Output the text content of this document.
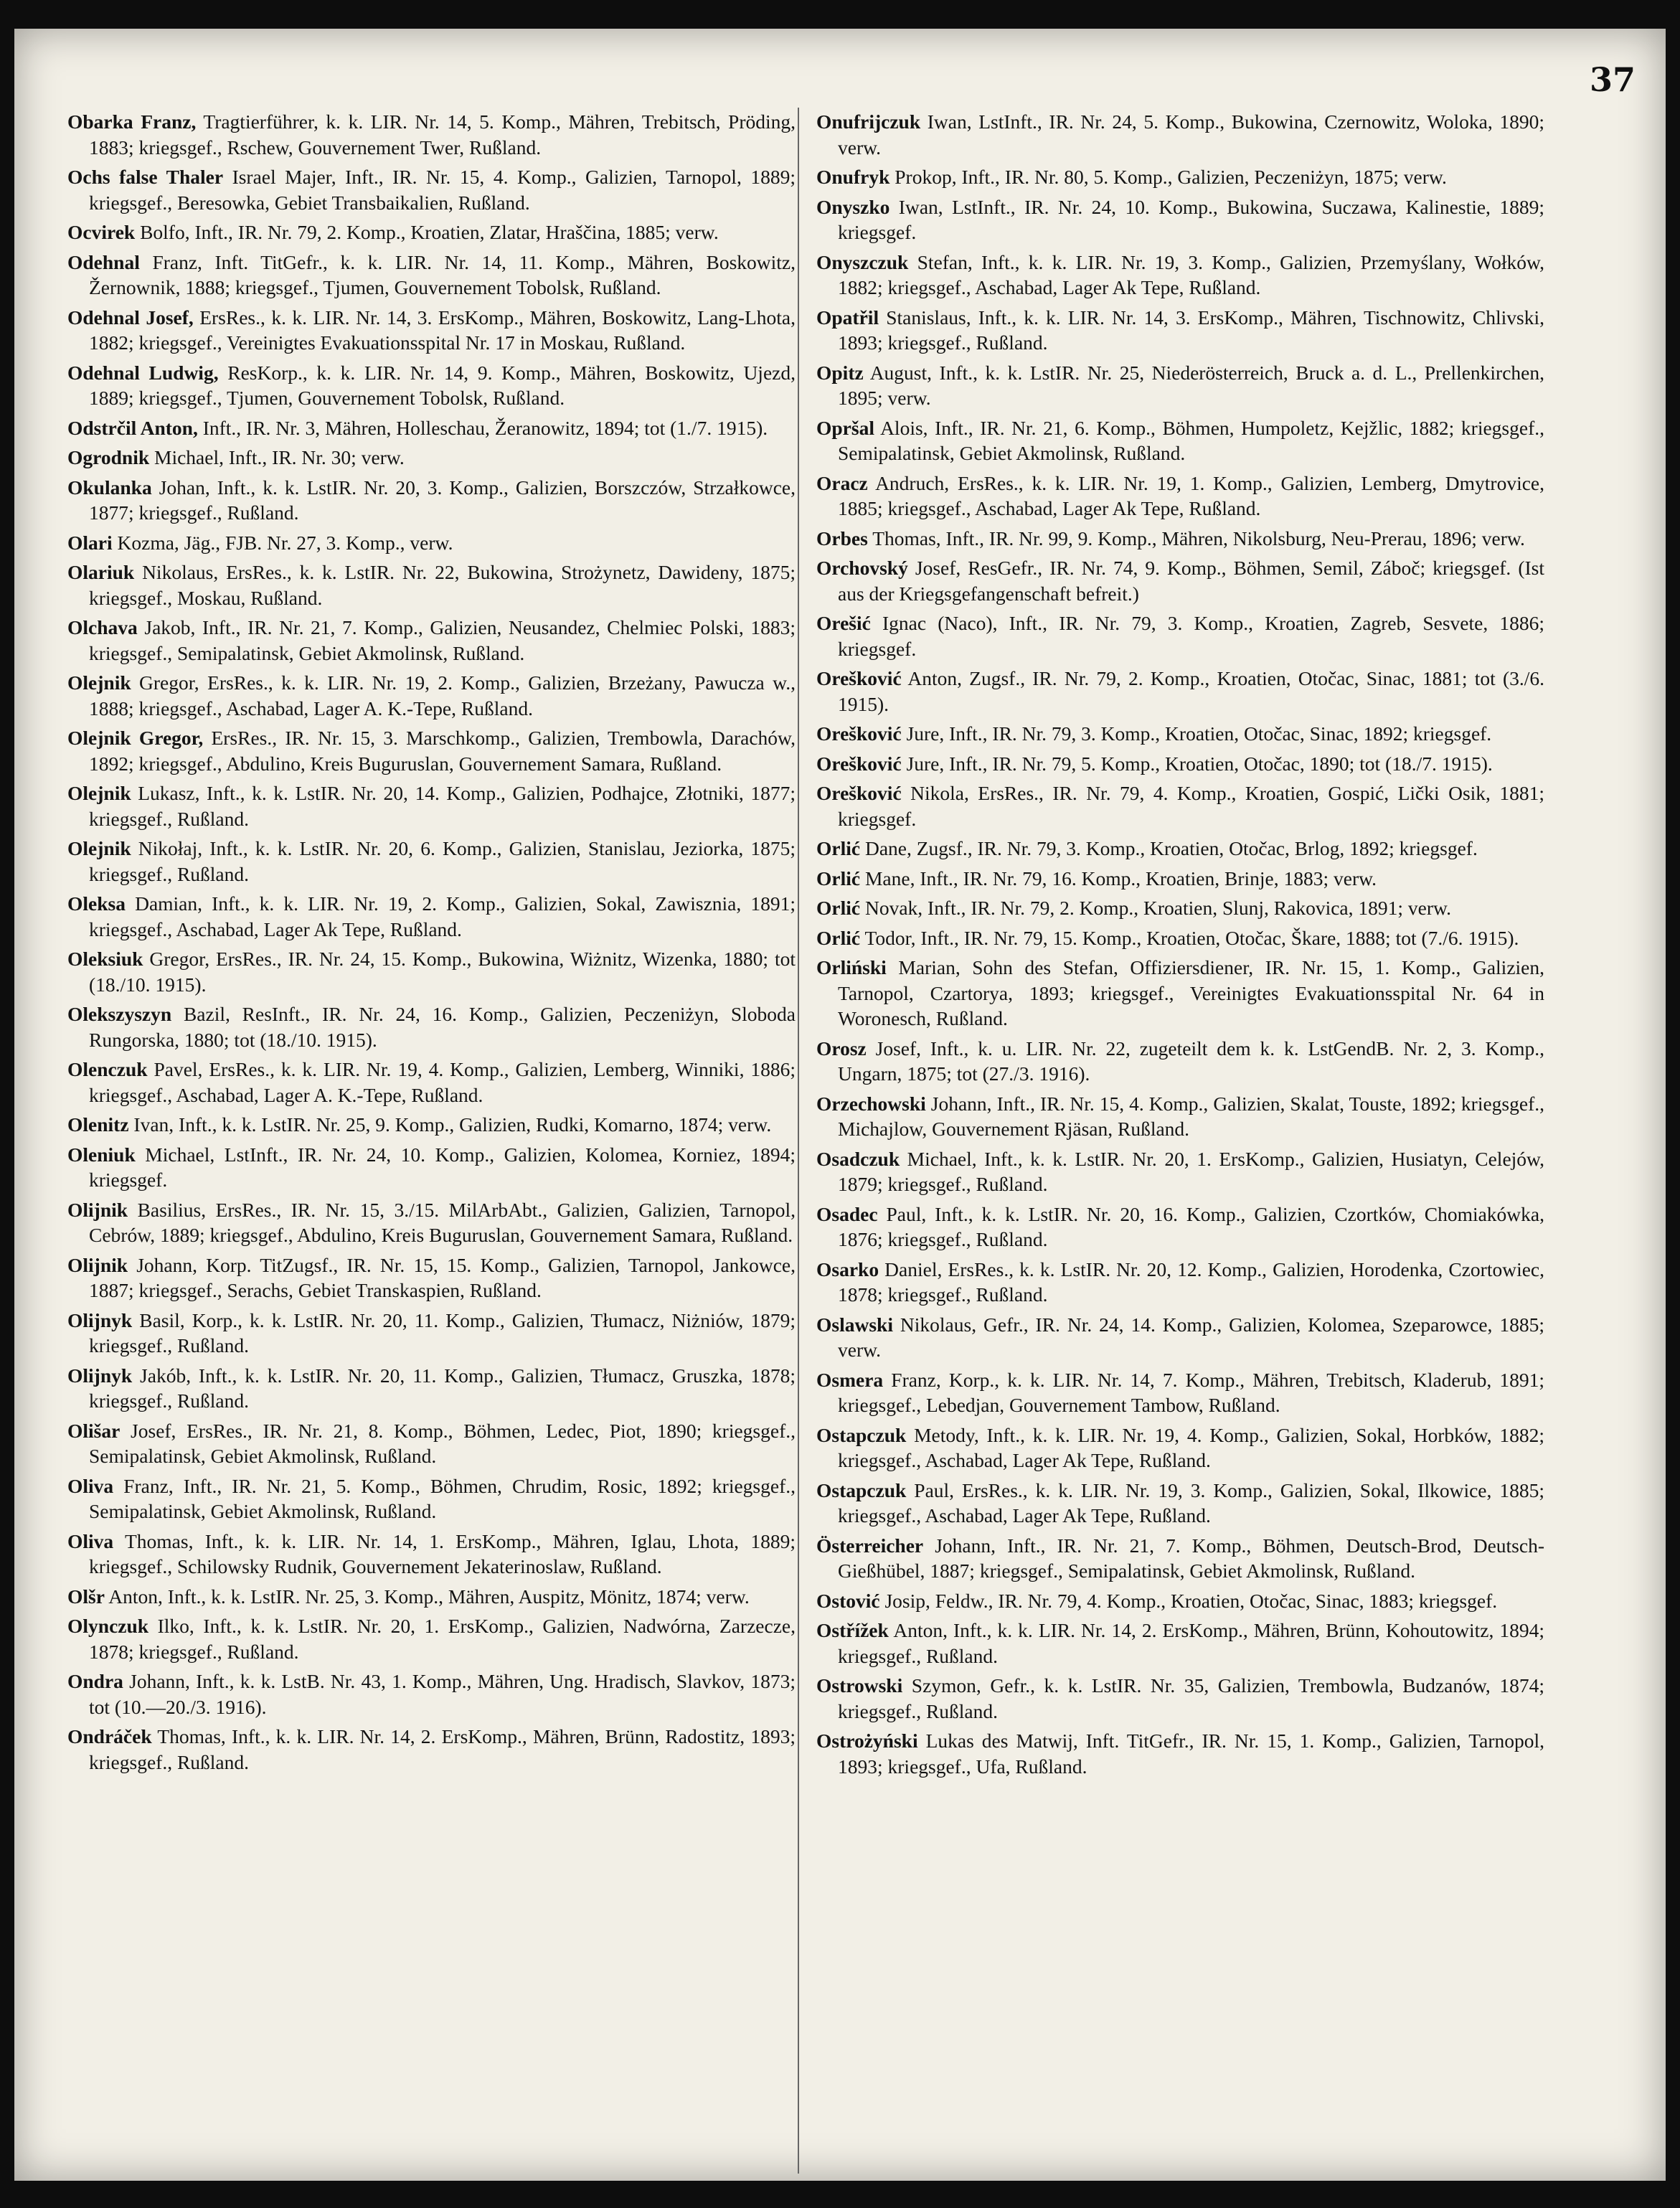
37

Obarka Franz, Tragtierführer, k. k. LIR. Nr. 14, 5. Komp., Mähren, Trebitsch, Pröding, 1883; kriegsgef., Rschew, Gouvernement Twer, Rußland.

Ochs false Thaler Israel Majer, Inft., IR. Nr. 15, 4. Komp., Galizien, Tarnopol, 1889; kriegsgef., Beresowka, Gebiet Transbaikalien, Rußland.

Ocvirek Bolfo, Inft., IR. Nr. 79, 2. Komp., Kroatien, Zlatar, Hraščina, 1885; verw.

Odehnal Franz, Inft. TitGefr., k. k. LIR. Nr. 14, 11. Komp., Mähren, Boskowitz, Žernownik, 1888; kriegsgef., Tjumen, Gouvernement Tobolsk, Rußland.

Odehnal Josef, ErsRes., k. k. LIR. Nr. 14, 3. ErsKomp., Mähren, Boskowitz, Lang-Lhota, 1882; kriegsgef., Vereinigtes Evakuationsspital Nr. 17 in Moskau, Rußland.

Odehnal Ludwig, ResKorp., k. k. LIR. Nr. 14, 9. Komp., Mähren, Boskowitz, Ujezd, 1889; kriegsgef., Tjumen, Gouvernement Tobolsk, Rußland.

Odstrčil Anton, Inft., IR. Nr. 3, Mähren, Holleschau, Žeranowitz, 1894; tot (1./7. 1915).

Ogrodnik Michael, Inft., IR. Nr. 30; verw.

Okulanka Johan, Inft., k. k. LstIR. Nr. 20, 3. Komp., Galizien, Borszczów, Strzałkowce, 1877; kriegsgef., Rußland.

Olari Kozma, Jäg., FJB. Nr. 27, 3. Komp., verw.

Olariuk Nikolaus, ErsRes., k. k. LstIR. Nr. 22, Bukowina, Strożynetz, Dawideny, 1875; kriegsgef., Moskau, Rußland.

Olchava Jakob, Inft., IR. Nr. 21, 7. Komp., Galizien, Neusandez, Chelmiec Polski, 1883; kriegsgef., Semipalatinsk, Gebiet Akmolinsk, Rußland.

Olejnik Gregor, ErsRes., k. k. LIR. Nr. 19, 2. Komp., Galizien, Brzeżany, Pawucza w., 1888; kriegsgef., Aschabad, Lager A. K.-Tepe, Rußland.

Olejnik Gregor, ErsRes., IR. Nr. 15, 3. Marschkomp., Galizien, Trembowla, Darachów, 1892; kriegsgef., Abdulino, Kreis Buguruslan, Gouvernement Samara, Rußland.

Olejnik Lukasz, Inft., k. k. LstIR. Nr. 20, 14. Komp., Galizien, Podhajce, Złotniki, 1877; kriegsgef., Rußland.

Olejnik Nikołaj, Inft., k. k. LstIR. Nr. 20, 6. Komp., Galizien, Stanislau, Jeziorka, 1875; kriegsgef., Rußland.

Oleksa Damian, Inft., k. k. LIR. Nr. 19, 2. Komp., Galizien, Sokal, Zawisznia, 1891; kriegsgef., Aschabad, Lager Ak Tepe, Rußland.

Oleksiuk Gregor, ErsRes., IR. Nr. 24, 15. Komp., Bukowina, Wiżnitz, Wizenka, 1880; tot (18./10. 1915).

Olekszyszyn Bazil, ResInft., IR. Nr. 24, 16. Komp., Galizien, Peczeniżyn, Sloboda Rungorska, 1880; tot (18./10. 1915).

Olenczuk Pavel, ErsRes., k. k. LIR. Nr. 19, 4. Komp., Galizien, Lemberg, Winniki, 1886; kriegsgef., Aschabad, Lager A. K.-Tepe, Rußland.

Olenitz Ivan, Inft., k. k. LstIR. Nr. 25, 9. Komp., Galizien, Rudki, Komarno, 1874; verw.

Oleniuk Michael, LstInft., IR. Nr. 24, 10. Komp., Galizien, Kolomea, Korniez, 1894; kriegsgef.

Olijnik Basilius, ErsRes., IR. Nr. 15, 3./15. MilArbAbt., Galizien, Galizien, Tarnopol, Cebrów, 1889; kriegsgef., Abdulino, Kreis Buguruslan, Gouvernement Samara, Rußland.

Olijnik Johann, Korp. TitZugsf., IR. Nr. 15, 15. Komp., Galizien, Tarnopol, Jankowce, 1887; kriegsgef., Serachs, Gebiet Transkaspien, Rußland.

Olijnyk Basil, Korp., k. k. LstIR. Nr. 20, 11. Komp., Galizien, Tłumacz, Niżniów, 1879; kriegsgef., Rußland.

Olijnyk Jakób, Inft., k. k. LstIR. Nr. 20, 11. Komp., Galizien, Tłumacz, Gruszka, 1878; kriegsgef., Rußland.

Olišar Josef, ErsRes., IR. Nr. 21, 8. Komp., Böhmen, Ledec, Piot, 1890; kriegsgef., Semipalatinsk, Gebiet Akmolinsk, Rußland.

Oliva Franz, Inft., IR. Nr. 21, 5. Komp., Böhmen, Chrudim, Rosic, 1892; kriegsgef., Semipalatinsk, Gebiet Akmolinsk, Rußland.

Oliva Thomas, Inft., k. k. LIR. Nr. 14, 1. ErsKomp., Mähren, Iglau, Lhota, 1889; kriegsgef., Schilowsky Rudnik, Gouvernement Jekaterinoslaw, Rußland.

Olšr Anton, Inft., k. k. LstIR. Nr. 25, 3. Komp., Mähren, Auspitz, Mönitz, 1874; verw.

Olynczuk Ilko, Inft., k. k. LstIR. Nr. 20, 1. ErsKomp., Galizien, Nadwórna, Zarzecze, 1878; kriegsgef., Rußland.

Ondra Johann, Inft., k. k. LstB. Nr. 43, 1. Komp., Mähren, Ung. Hradisch, Slavkov, 1873; tot (10.—20./3. 1916).

Ondráček Thomas, Inft., k. k. LIR. Nr. 14, 2. ErsKomp., Mähren, Brünn, Radostitz, 1893; kriegsgef., Rußland.

Onufrijczuk Iwan, LstInft., IR. Nr. 24, 5. Komp., Bukowina, Czernowitz, Woloka, 1890; verw.

Onufryk Prokop, Inft., IR. Nr. 80, 5. Komp., Galizien, Peczeniżyn, 1875; verw.

Onyszko Iwan, LstInft., IR. Nr. 24, 10. Komp., Bukowina, Suczawa, Kalinestie, 1889; kriegsgef.

Onyszczuk Stefan, Inft., k. k. LIR. Nr. 19, 3. Komp., Galizien, Przemyślany, Wołków, 1882; kriegsgef., Aschabad, Lager Ak Tepe, Rußland.

Opatřil Stanislaus, Inft., k. k. LIR. Nr. 14, 3. ErsKomp., Mähren, Tischnowitz, Chlivski, 1893; kriegsgef., Rußland.

Opitz August, Inft., k. k. LstIR. Nr. 25, Niederösterreich, Bruck a. d. L., Prellenkirchen, 1895; verw.

Opršal Alois, Inft., IR. Nr. 21, 6. Komp., Böhmen, Humpoletz, Kejžlic, 1882; kriegsgef., Semipalatinsk, Gebiet Akmolinsk, Rußland.

Oracz Andruch, ErsRes., k. k. LIR. Nr. 19, 1. Komp., Galizien, Lemberg, Dmytrovice, 1885; kriegsgef., Aschabad, Lager Ak Tepe, Rußland.

Orbes Thomas, Inft., IR. Nr. 99, 9. Komp., Mähren, Nikolsburg, Neu-Prerau, 1896; verw.

Orchovský Josef, ResGefr., IR. Nr. 74, 9. Komp., Böhmen, Semil, Záboč; kriegsgef. (Ist aus der Kriegsgefangenschaft befreit.)

Orešić Ignac (Naco), Inft., IR. Nr. 79, 3. Komp., Kroatien, Zagreb, Sesvete, 1886; kriegsgef.

Orešković Anton, Zugsf., IR. Nr. 79, 2. Komp., Kroatien, Otočac, Sinac, 1881; tot (3./6. 1915).

Orešković Jure, Inft., IR. Nr. 79, 3. Komp., Kroatien, Otočac, Sinac, 1892; kriegsgef.

Orešković Jure, Inft., IR. Nr. 79, 5. Komp., Kroatien, Otočac, 1890; tot (18./7. 1915).

Orešković Nikola, ErsRes., IR. Nr. 79, 4. Komp., Kroatien, Gospić, Lički Osik, 1881; kriegsgef.

Orlić Dane, Zugsf., IR. Nr. 79, 3. Komp., Kroatien, Otočac, Brlog, 1892; kriegsgef.

Orlić Mane, Inft., IR. Nr. 79, 16. Komp., Kroatien, Brinje, 1883; verw.

Orlić Novak, Inft., IR. Nr. 79, 2. Komp., Kroatien, Slunj, Rakovica, 1891; verw.

Orlić Todor, Inft., IR. Nr. 79, 15. Komp., Kroatien, Otočac, Škare, 1888; tot (7./6. 1915).

Orliński Marian, Sohn des Stefan, Offiziersdiener, IR. Nr. 15, 1. Komp., Galizien, Tarnopol, Czartorya, 1893; kriegsgef., Vereinigtes Evakuationsspital Nr. 64 in Woronesch, Rußland.

Orosz Josef, Inft., k. u. LIR. Nr. 22, zugeteilt dem k. k. LstGendB. Nr. 2, 3. Komp., Ungarn, 1875; tot (27./3. 1916).

Orzechowski Johann, Inft., IR. Nr. 15, 4. Komp., Galizien, Skalat, Touste, 1892; kriegsgef., Michajlow, Gouvernement Rjäsan, Rußland.

Osadczuk Michael, Inft., k. k. LstIR. Nr. 20, 1. ErsKomp., Galizien, Husiatyn, Celejów, 1879; kriegsgef., Rußland.

Osadec Paul, Inft., k. k. LstIR. Nr. 20, 16. Komp., Galizien, Czortków, Chomiakówka, 1876; kriegsgef., Rußland.

Osarko Daniel, ErsRes., k. k. LstIR. Nr. 20, 12. Komp., Galizien, Horodenka, Czortowiec, 1878; kriegsgef., Rußland.

Oslawski Nikolaus, Gefr., IR. Nr. 24, 14. Komp., Galizien, Kolomea, Szeparowce, 1885; verw.

Osmera Franz, Korp., k. k. LIR. Nr. 14, 7. Komp., Mähren, Trebitsch, Kladerub, 1891; kriegsgef., Lebedjan, Gouvernement Tambow, Rußland.

Ostapczuk Metody, Inft., k. k. LIR. Nr. 19, 4. Komp., Galizien, Sokal, Horbków, 1882; kriegsgef., Aschabad, Lager Ak Tepe, Rußland.

Ostapczuk Paul, ErsRes., k. k. LIR. Nr. 19, 3. Komp., Galizien, Sokal, Ilkowice, 1885; kriegsgef., Aschabad, Lager Ak Tepe, Rußland.

Österreicher Johann, Inft., IR. Nr. 21, 7. Komp., Böhmen, Deutsch-Brod, Deutsch-Gießhübel, 1887; kriegsgef., Semipalatinsk, Gebiet Akmolinsk, Rußland.

Ostović Josip, Feldw., IR. Nr. 79, 4. Komp., Kroatien, Otočac, Sinac, 1883; kriegsgef.

Ostřížek Anton, Inft., k. k. LIR. Nr. 14, 2. ErsKomp., Mähren, Brünn, Kohoutowitz, 1894; kriegsgef., Rußland.

Ostrowski Szymon, Gefr., k. k. LstIR. Nr. 35, Galizien, Trembowla, Budzanów, 1874; kriegsgef., Rußland.

Ostrożyński Lukas des Matwij, Inft. TitGefr., IR. Nr. 15, 1. Komp., Galizien, Tarnopol, 1893; kriegsgef., Ufa, Rußland.
